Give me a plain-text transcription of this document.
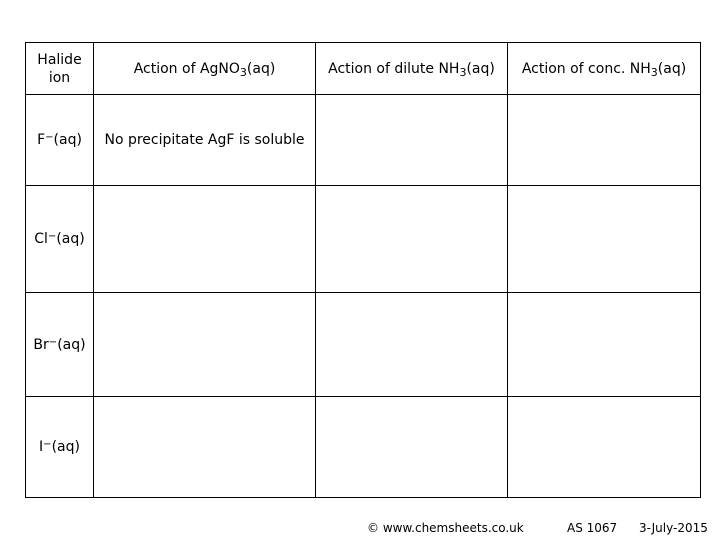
Halide
ion	Action of AgNO$_3$(aq)	Action of dilute $NH_3(aq)$	Action of conc. $NH_3(aq)$
F−(aq)	No precipitate AgF is soluble		
Cl−(aq)			
Br−(aq)			
I−(aq)			
© www.chemsheets.co.uk	AS 1067 3-July-2015
